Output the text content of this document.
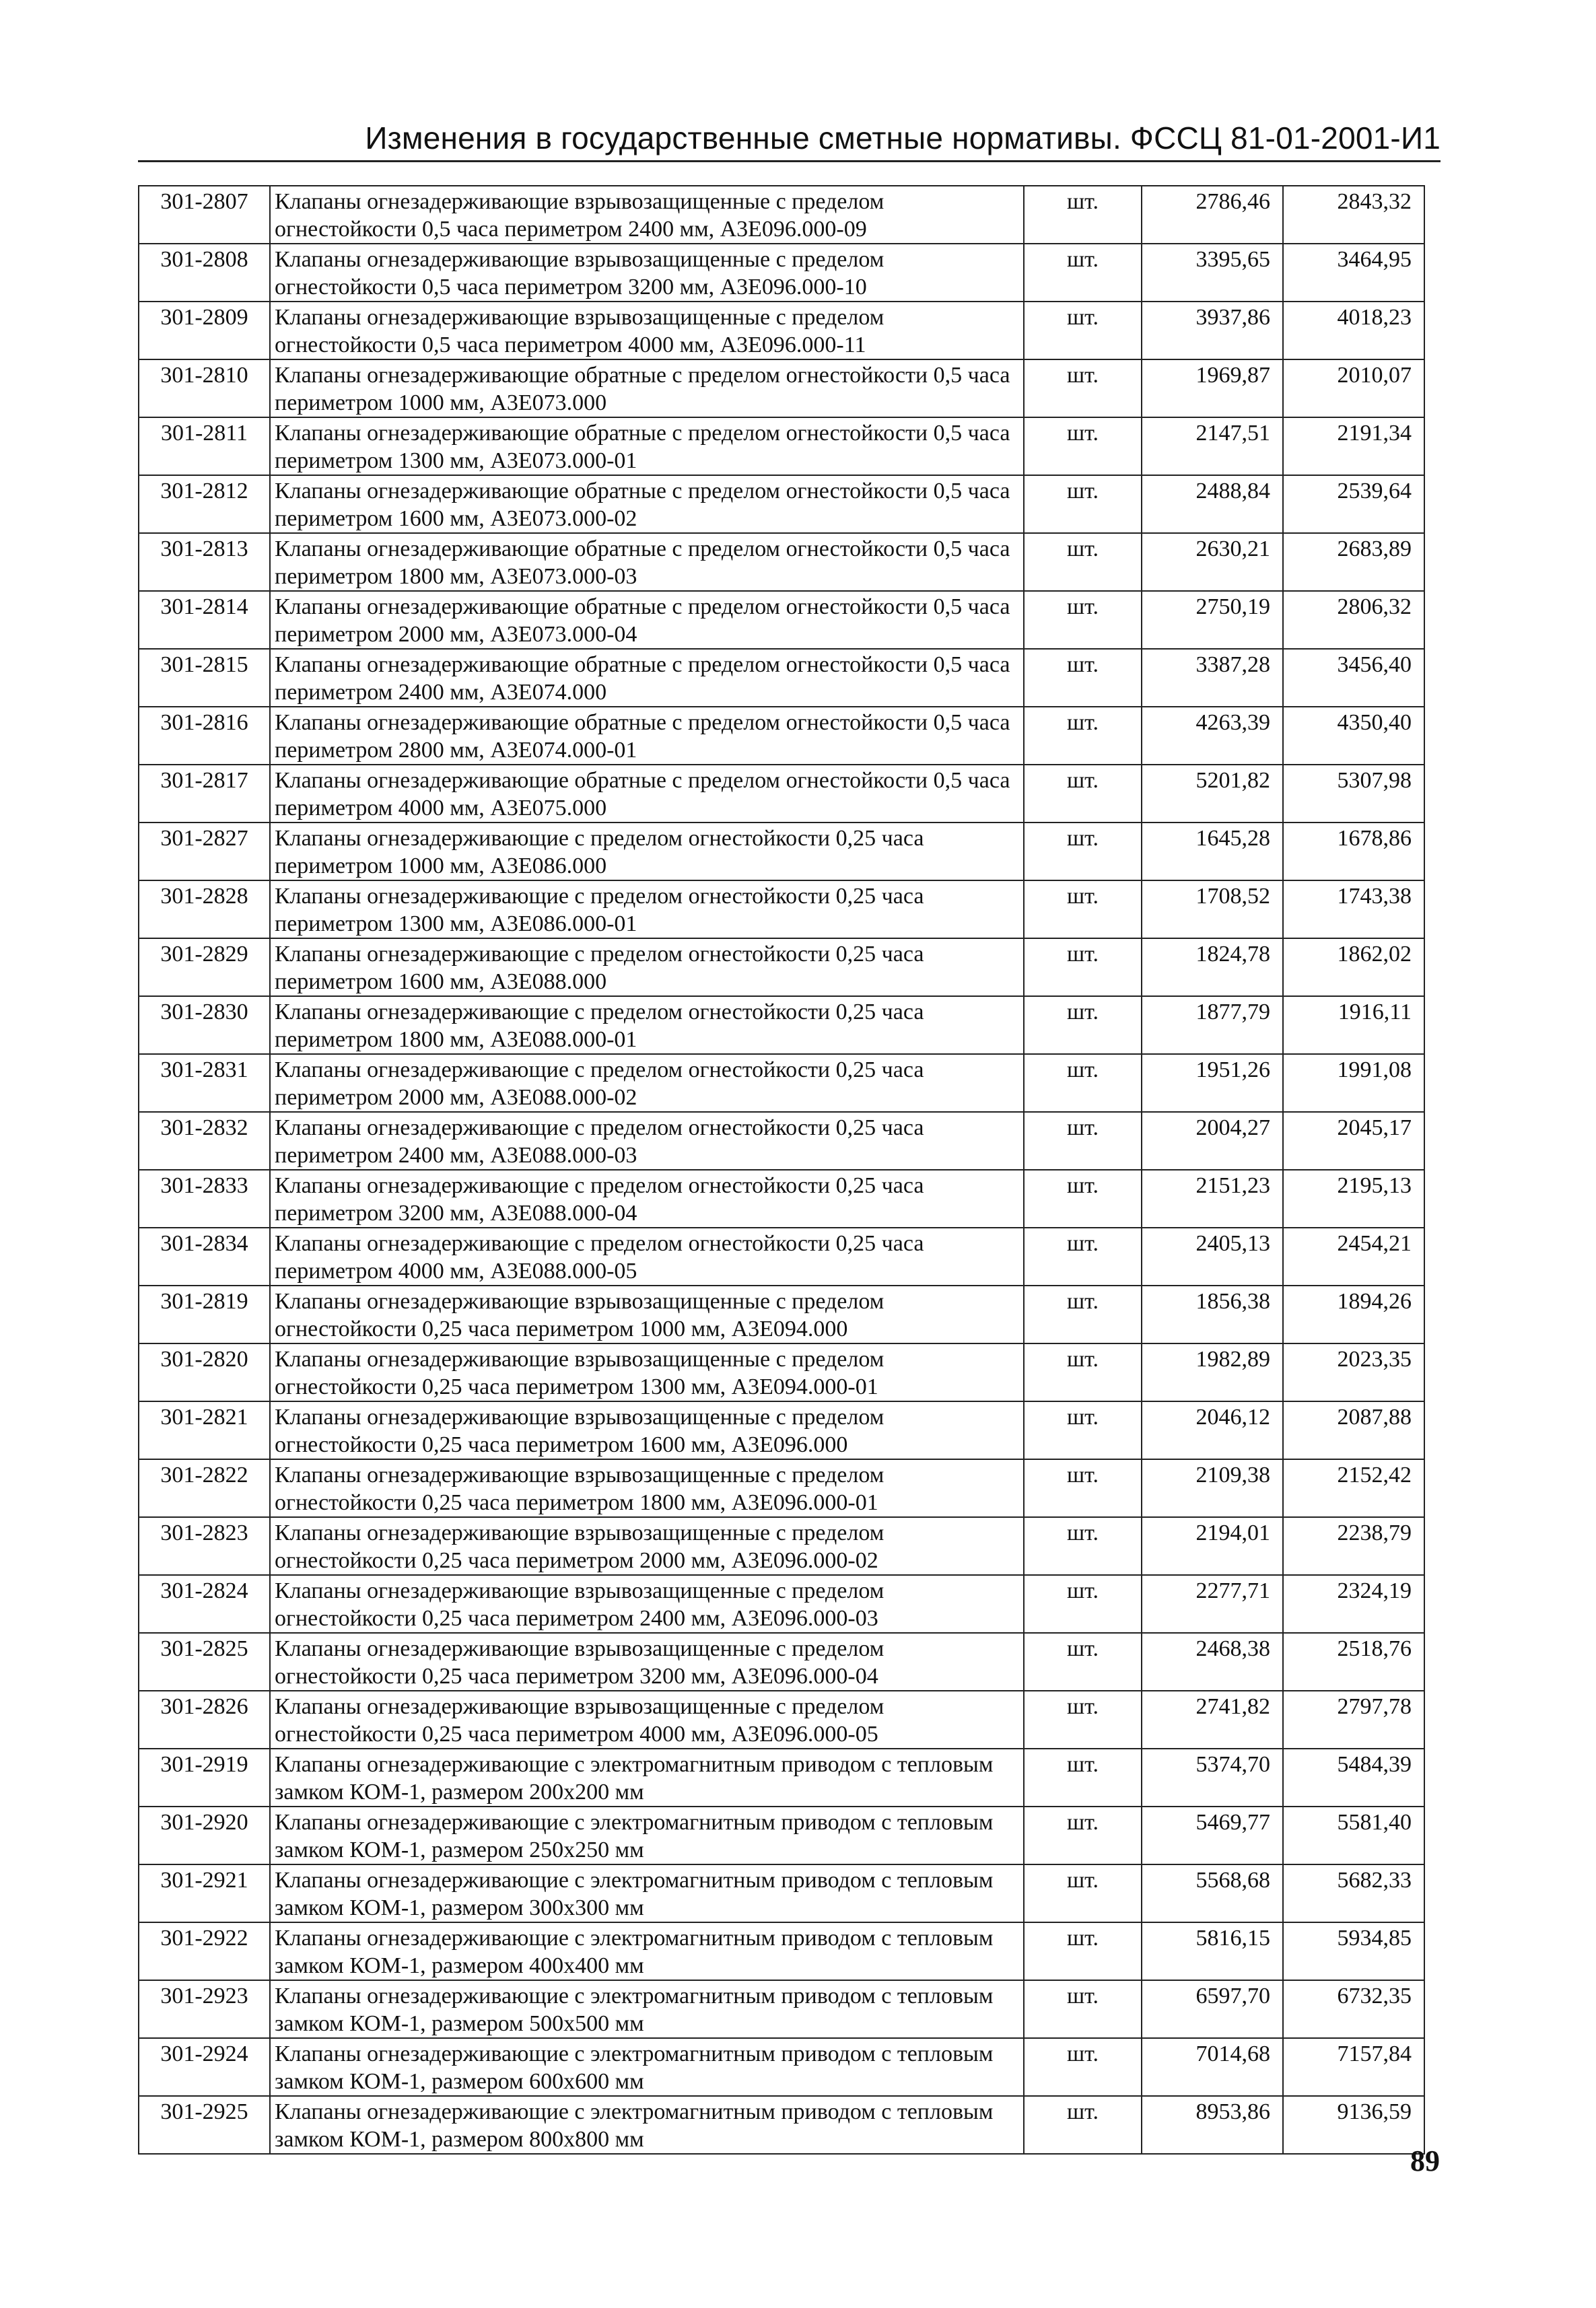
Изменения в государственные сметные нормативы. ФССЦ 81-01-2001-И1
301-2807	Клапаны огнезадерживающие взрывозащищенные с пределом огнестойкости 0,5 часа периметром 2400 мм, А3Е096.000-09	шт.	2786,46	2843,32
301-2808	Клапаны огнезадерживающие взрывозащищенные с пределом огнестойкости 0,5 часа периметром 3200 мм, А3Е096.000-10	шт.	3395,65	3464,95
301-2809	Клапаны огнезадерживающие взрывозащищенные с пределом огнестойкости 0,5 часа периметром 4000 мм, А3Е096.000-11	шт.	3937,86	4018,23
301-2810	Клапаны огнезадерживающие обратные с пределом огнестойкости 0,5 часа периметром 1000 мм, А3Е073.000	шт.	1969,87	2010,07
301-2811	Клапаны огнезадерживающие обратные с пределом огнестойкости 0,5 часа периметром 1300 мм, А3Е073.000-01	шт.	2147,51	2191,34
301-2812	Клапаны огнезадерживающие обратные с пределом огнестойкости 0,5 часа периметром 1600 мм, А3Е073.000-02	шт.	2488,84	2539,64
301-2813	Клапаны огнезадерживающие обратные с пределом огнестойкости 0,5 часа периметром 1800 мм, А3Е073.000-03	шт.	2630,21	2683,89
301-2814	Клапаны огнезадерживающие обратные с пределом огнестойкости 0,5 часа периметром 2000 мм, А3Е073.000-04	шт.	2750,19	2806,32
301-2815	Клапаны огнезадерживающие обратные с пределом огнестойкости 0,5 часа периметром 2400 мм, А3Е074.000	шт.	3387,28	3456,40
301-2816	Клапаны огнезадерживающие обратные с пределом огнестойкости 0,5 часа периметром 2800 мм, А3Е074.000-01	шт.	4263,39	4350,40
301-2817	Клапаны огнезадерживающие обратные с пределом огнестойкости 0,5 часа периметром 4000 мм, А3Е075.000	шт.	5201,82	5307,98
301-2827	Клапаны огнезадерживающие с пределом огнестойкости 0,25 часа периметром 1000 мм, А3Е086.000	шт.	1645,28	1678,86
301-2828	Клапаны огнезадерживающие с пределом огнестойкости 0,25 часа периметром 1300 мм, А3Е086.000-01	шт.	1708,52	1743,38
301-2829	Клапаны огнезадерживающие с пределом огнестойкости 0,25 часа периметром 1600 мм, А3Е088.000	шт.	1824,78	1862,02
301-2830	Клапаны огнезадерживающие с пределом огнестойкости 0,25 часа периметром 1800 мм, А3Е088.000-01	шт.	1877,79	1916,11
301-2831	Клапаны огнезадерживающие с пределом огнестойкости 0,25 часа периметром 2000 мм, А3Е088.000-02	шт.	1951,26	1991,08
301-2832	Клапаны огнезадерживающие с пределом огнестойкости 0,25 часа периметром 2400 мм, А3Е088.000-03	шт.	2004,27	2045,17
301-2833	Клапаны огнезадерживающие с пределом огнестойкости 0,25 часа периметром 3200 мм, А3Е088.000-04	шт.	2151,23	2195,13
301-2834	Клапаны огнезадерживающие с пределом огнестойкости 0,25 часа периметром 4000 мм, А3Е088.000-05	шт.	2405,13	2454,21
301-2819	Клапаны огнезадерживающие взрывозащищенные с пределом огнестойкости 0,25 часа периметром 1000 мм, А3Е094.000	шт.	1856,38	1894,26
301-2820	Клапаны огнезадерживающие взрывозащищенные с пределом огнестойкости 0,25 часа периметром 1300 мм, А3Е094.000-01	шт.	1982,89	2023,35
301-2821	Клапаны огнезадерживающие взрывозащищенные с пределом огнестойкости 0,25 часа периметром 1600 мм, А3Е096.000	шт.	2046,12	2087,88
301-2822	Клапаны огнезадерживающие взрывозащищенные с пределом огнестойкости 0,25 часа периметром 1800 мм, А3Е096.000-01	шт.	2109,38	2152,42
301-2823	Клапаны огнезадерживающие взрывозащищенные с пределом огнестойкости 0,25 часа периметром 2000 мм, А3Е096.000-02	шт.	2194,01	2238,79
301-2824	Клапаны огнезадерживающие взрывозащищенные с пределом огнестойкости 0,25 часа периметром 2400 мм, А3Е096.000-03	шт.	2277,71	2324,19
301-2825	Клапаны огнезадерживающие взрывозащищенные с пределом огнестойкости 0,25 часа периметром 3200 мм, А3Е096.000-04	шт.	2468,38	2518,76
301-2826	Клапаны огнезадерживающие взрывозащищенные с пределом огнестойкости 0,25 часа периметром 4000 мм, А3Е096.000-05	шт.	2741,82	2797,78
301-2919	Клапаны огнезадерживающие с электромагнитным приводом с тепловым замком КОМ-1, размером 200х200 мм	шт.	5374,70	5484,39
301-2920	Клапаны огнезадерживающие с электромагнитным приводом с тепловым замком КОМ-1, размером 250х250 мм	шт.	5469,77	5581,40
301-2921	Клапаны огнезадерживающие с электромагнитным приводом с тепловым замком КОМ-1, размером 300х300 мм	шт.	5568,68	5682,33
301-2922	Клапаны огнезадерживающие с электромагнитным приводом с тепловым замком КОМ-1, размером 400х400 мм	шт.	5816,15	5934,85
301-2923	Клапаны огнезадерживающие с электромагнитным приводом с тепловым замком КОМ-1, размером 500х500 мм	шт.	6597,70	6732,35
301-2924	Клапаны огнезадерживающие с электромагнитным приводом с тепловым замком КОМ-1, размером 600х600 мм	шт.	7014,68	7157,84
301-2925	Клапаны огнезадерживающие с электромагнитным приводом с тепловым замком КОМ-1, размером 800х800 мм	шт.	8953,86	9136,59
89
